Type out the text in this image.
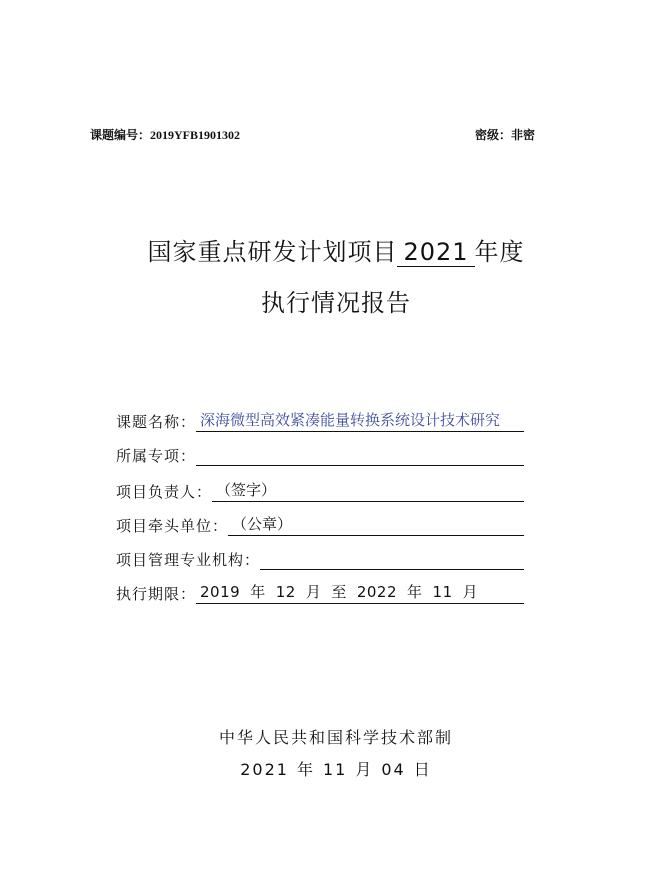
课题编号：2019YFB1901302	密级：非密
国家重点研发计划项目 2021 年度
执行情况报告
课题名称： 深海微型高效紧凑能量转换系统设计技术研究
所属专项：
项目负责人： （签字）
项目牵头单位： （公章）
项目管理专业机构：
执行期限： 2019 年 12 月 至 2022 年 11 月
中华人民共和国科学技术部制
2021 年 11 月 04 日
